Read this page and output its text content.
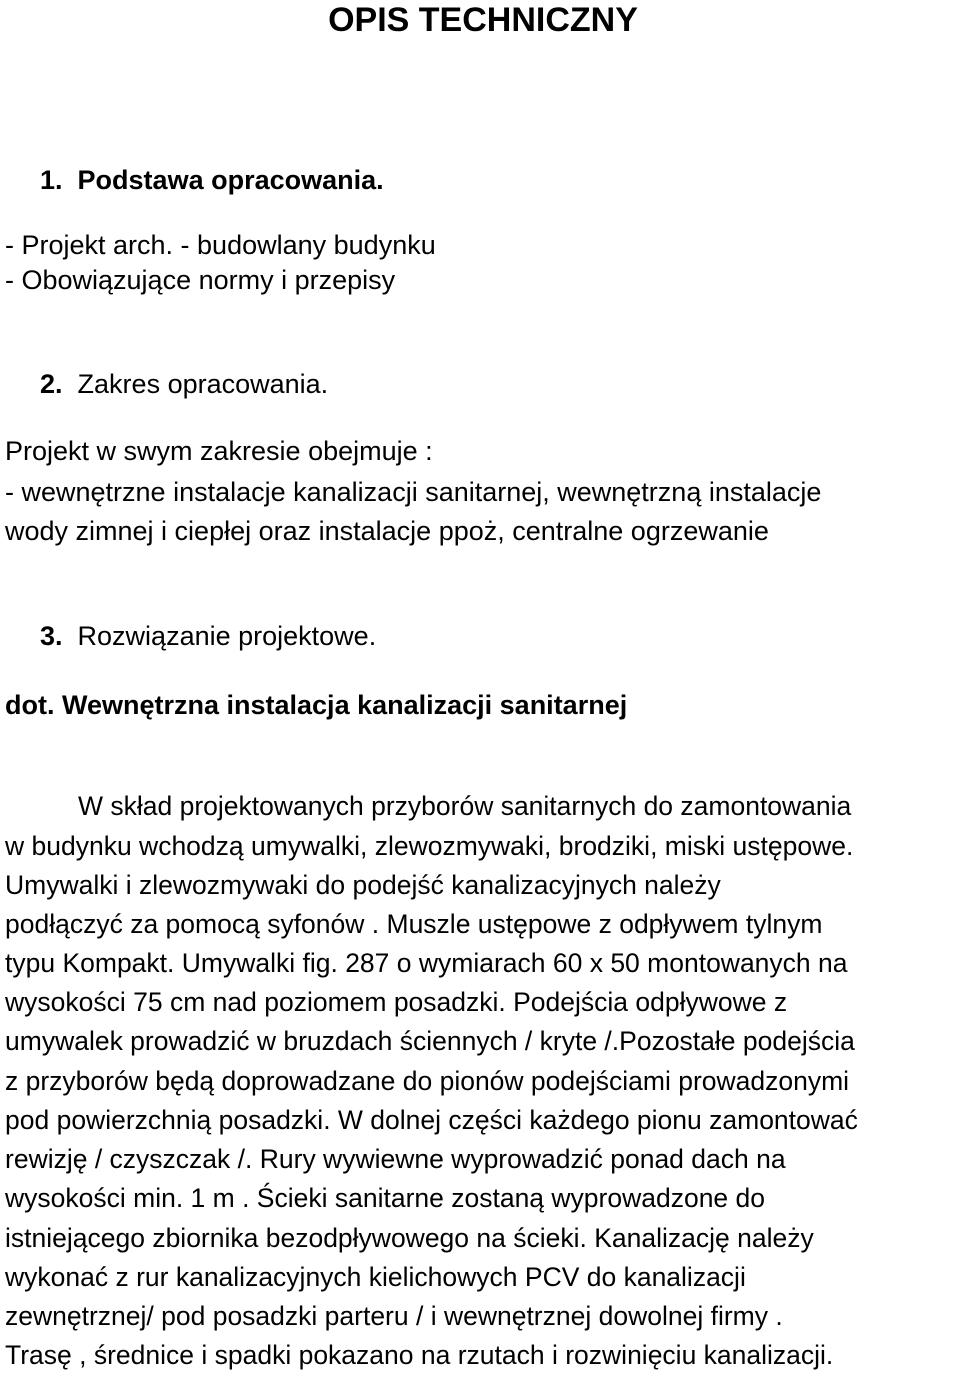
OPIS TECHNICZNY
1. Podstawa opracowania.
- Projekt arch. - budowlany budynku
- Obowiązujące normy i przepisy
2. Zakres opracowania.
Projekt w swym zakresie obejmuje :
- wewnętrzne instalacje kanalizacji sanitarnej, wewnętrzną instalacje
wody zimnej i ciepłej oraz instalacje ppoż, centralne ogrzewanie
3. Rozwiązanie projektowe.
dot. Wewnętrzna instalacja kanalizacji sanitarnej
W skład projektowanych przyborów sanitarnych do zamontowania
w budynku wchodzą umywalki, zlewozmywaki, brodziki, miski ustępowe.
Umywalki i zlewozmywaki do podejść kanalizacyjnych należy
podłączyć za pomocą syfonów . Muszle ustępowe z odpływem tylnym
typu Kompakt. Umywalki fig. 287 o wymiarach 60 x 50 montowanych na
wysokości 75 cm nad poziomem posadzki. Podejścia odpływowe z
umywalek prowadzić w bruzdach ściennych / kryte /.Pozostałe podejścia
z przyborów będą doprowadzane do pionów podejściami prowadzonymi
pod powierzchnią posadzki. W dolnej części każdego pionu zamontować
rewizję / czyszczak /. Rury wywiewne wyprowadzić ponad dach na
wysokości min. 1 m . Ścieki sanitarne zostaną wyprowadzone do
istniejącego zbiornika bezodpływowego na ścieki. Kanalizację należy
wykonać z rur kanalizacyjnych kielichowych PCV do kanalizacji
zewnętrznej/ pod posadzki parteru / i wewnętrznej dowolnej firmy .
Trasę , średnice i spadki pokazano na rzutach i rozwinięciu kanalizacji.
